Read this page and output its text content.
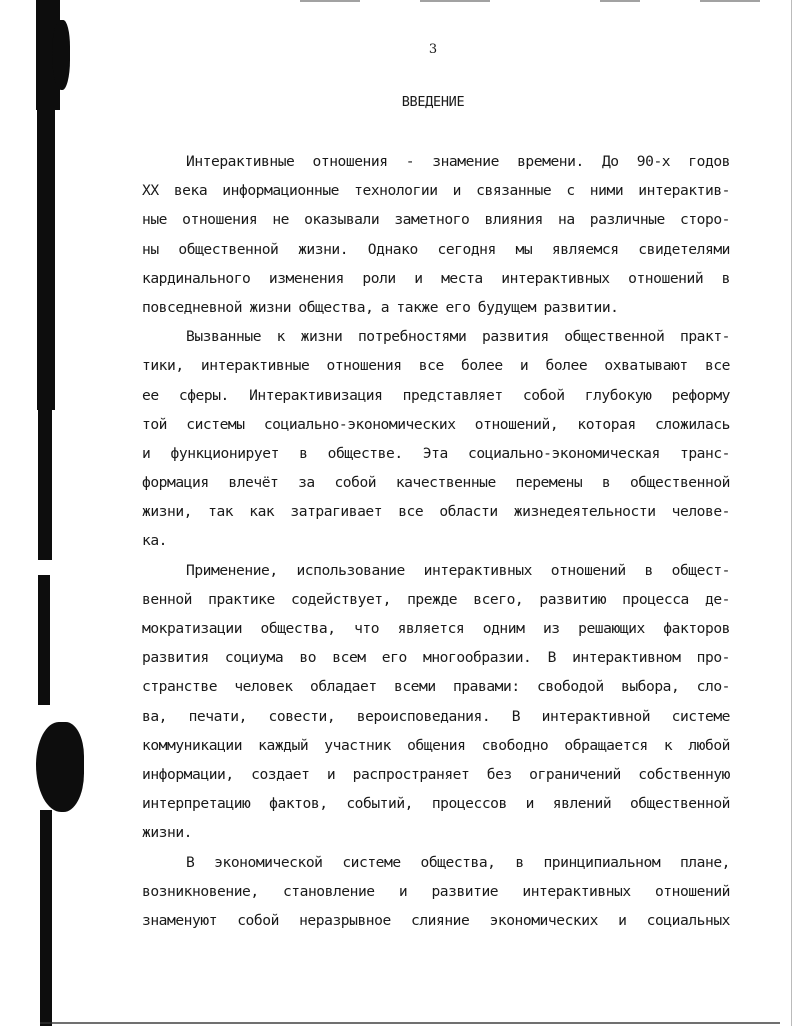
3
ВВЕДЕНИЕ
Интерактивные отношения - знамение времени. До 90-х годов
XX века информационные технологии и связанные с ними интерактив-
ные отношения не оказывали заметного влияния на различные сторо-
ны общественной жизни. Однако сегодня мы являемся свидетелями
кардинального изменения роли и места интерактивных отношений в
повседневной жизни общества, а также его будущем развитии.
Вызванные к жизни потребностями развития общественной практ-
тики, интерактивные отношения все более и более охватывают все
ее сферы. Интерактивизация представляет собой глубокую реформу
той системы социально-экономических отношений, которая сложилась
и функционирует в обществе. Эта социально-экономическая транс-
формация влечёт за собой качественные перемены в общественной
жизни, так как затрагивает все области жизнедеятельности челове-
ка.
Применение, использование интерактивных отношений в общест-
венной практике содействует, прежде всего, развитию процесса де-
мократизации общества, что является одним из решающих факторов
развития социума во всем его многообразии. В интерактивном про-
странстве человек обладает всеми правами: свободой выбора, сло-
ва, печати, совести, вероисповедания. В интерактивной системе
коммуникации каждый участник общения свободно обращается к любой
информации, создает и распространяет без ограничений собственную
интерпретацию фактов, событий, процессов и явлений общественной
жизни.
В экономической системе общества, в принципиальном плане,
возникновение, становление и развитие интерактивных отношений
знаменуют собой неразрывное слияние экономических и социальных
